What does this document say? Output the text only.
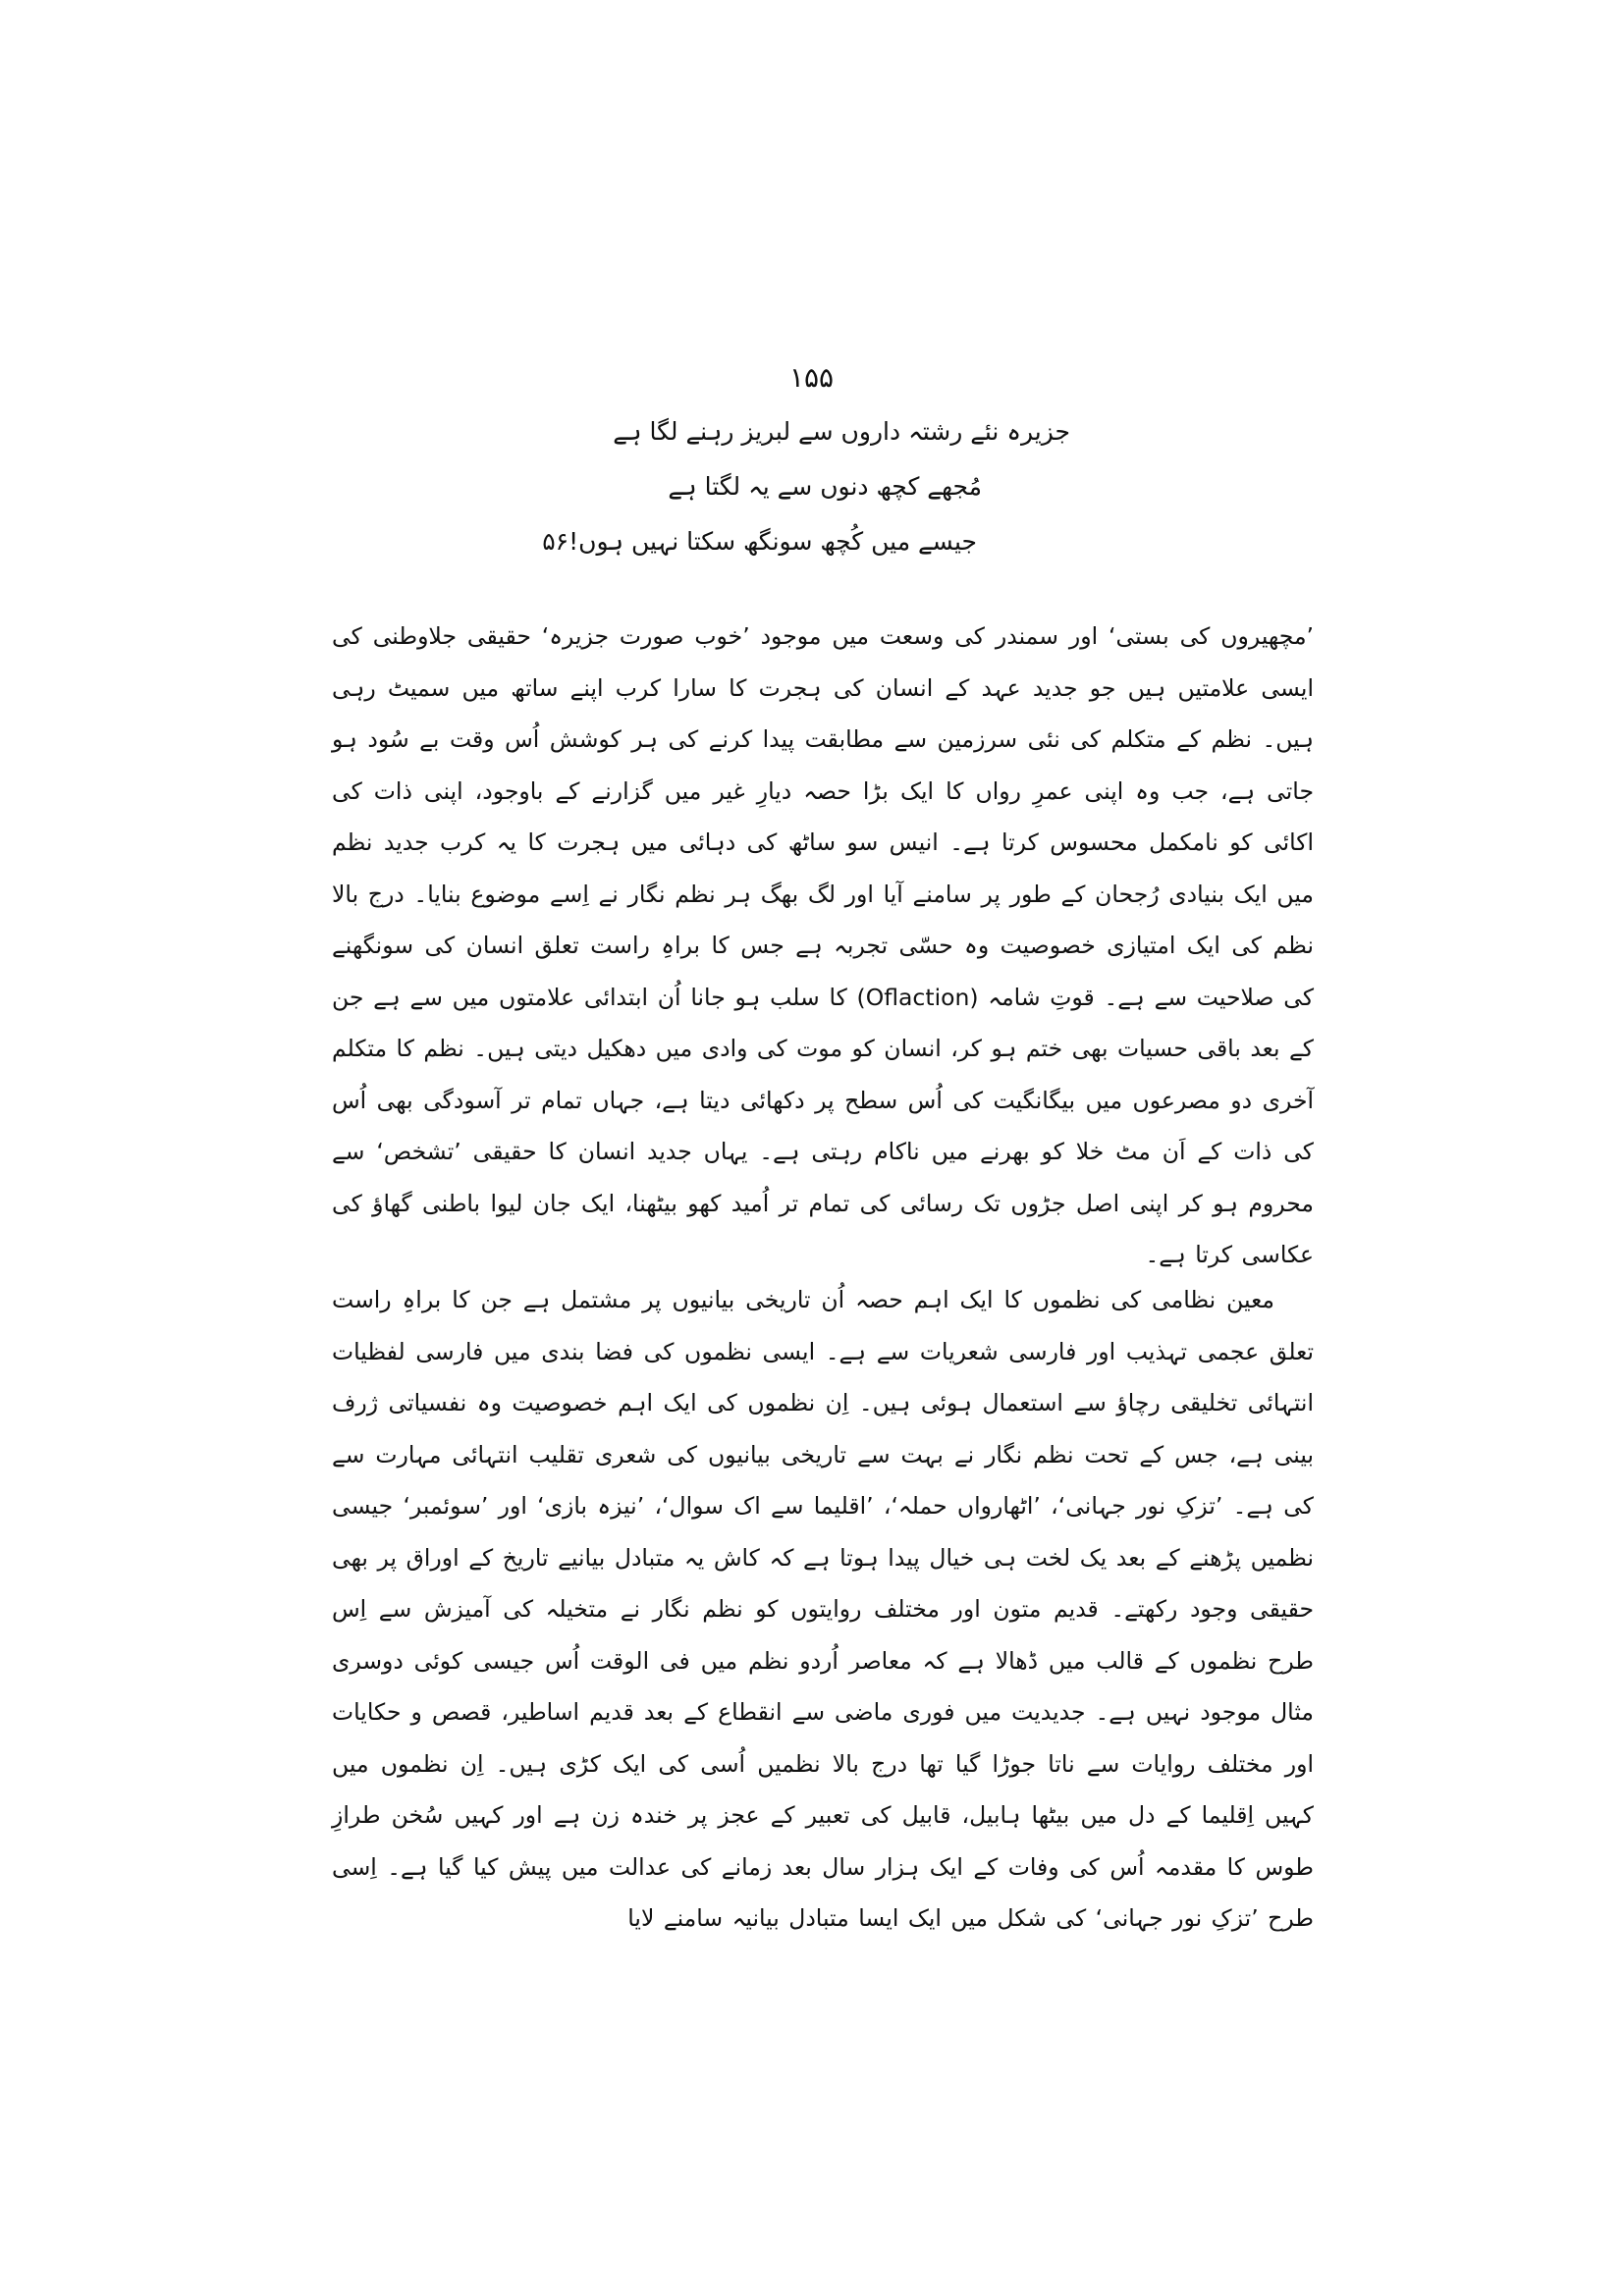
۱۵۵
جزیرہ نئے رشتہ داروں سے لبریز رہنے لگا ہے
مُجھے کچھ دنوں سے یہ لگتا ہے
جیسے میں کُچھ سونگھ سکتا نہیں ہوں!۵۶
’مچھیروں کی بستی‘ اور سمندر کی وسعت میں موجود ’خوب صورت جزیرہ‘ حقیقی جلاوطنی کی ایسی علامتیں ہیں جو جدید عہد کے انسان کی ہجرت کا سارا کرب اپنے ساتھ میں سمیٹ رہی ہیں۔ نظم کے متکلم کی نئی سرزمین سے مطابقت پیدا کرنے کی ہر کوشش اُس وقت بے سُود ہو جاتی ہے، جب وہ اپنی عمرِ رواں کا ایک بڑا حصہ دیارِ غیر میں گزارنے کے باوجود، اپنی ذات کی اکائی کو نامکمل محسوس کرتا ہے۔ انیس سو ساٹھ کی دہائی میں ہجرت کا یہ کرب جدید نظم میں ایک بنیادی رُجحان کے طور پر سامنے آیا اور لگ بھگ ہر نظم نگار نے اِسے موضوع بنایا۔ درج بالا نظم کی ایک امتیازی خصوصیت وہ حسّی تجربہ ہے جس کا براہِ راست تعلق انسان کی سونگھنے کی صلاحیت سے ہے۔ قوتِ شامہ (Oflaction) کا سلب ہو جانا اُن ابتدائی علامتوں میں سے ہے جن کے بعد باقی حسیات بھی ختم ہو کر، انسان کو موت کی وادی میں دھکیل دیتی ہیں۔ نظم کا متکلم آخری دو مصرعوں میں بیگانگیت کی اُس سطح پر دکھائی دیتا ہے، جہاں تمام تر آسودگی بھی اُس کی ذات کے اَن مٹ خلا کو بھرنے میں ناکام رہتی ہے۔ یہاں جدید انسان کا حقیقی ’تشخص‘ سے محروم ہو کر اپنی اصل جڑوں تک رسائی کی تمام تر اُمید کھو بیٹھنا، ایک جان لیوا باطنی گھاؤ کی عکاسی کرتا ہے۔
معین نظامی کی نظموں کا ایک اہم حصہ اُن تاریخی بیانیوں پر مشتمل ہے جن کا براہِ راست تعلق عجمی تہذیب اور فارسی شعریات سے ہے۔ ایسی نظموں کی فضا بندی میں فارسی لفظیات انتہائی تخلیقی رچاؤ سے استعمال ہوئی ہیں۔ اِن نظموں کی ایک اہم خصوصیت وہ نفسیاتی ژرف بینی ہے، جس کے تحت نظم نگار نے بہت سے تاریخی بیانیوں کی شعری تقلیب انتہائی مہارت سے کی ہے۔ ’تزکِ نور جہانی‘، ’اٹھارواں حملہ‘، ’اقلیما سے اک سوال‘، ’نیزہ بازی‘ اور ’سوئمبر‘ جیسی نظمیں پڑھنے کے بعد یک لخت ہی خیال پیدا ہوتا ہے کہ کاش یہ متبادل بیانیے تاریخ کے اوراق پر بھی حقیقی وجود رکھتے۔ قدیم متون اور مختلف روایتوں کو نظم نگار نے متخیلہ کی آمیزش سے اِس طرح نظموں کے قالب میں ڈھالا ہے کہ معاصر اُردو نظم میں فی الوقت اُس جیسی کوئی دوسری مثال موجود نہیں ہے۔ جدیدیت میں فوری ماضی سے انقطاع کے بعد قدیم اساطیر، قصص و حکایات اور مختلف روایات سے ناتا جوڑا گیا تھا درج بالا نظمیں اُسی کی ایک کڑی ہیں۔ اِن نظموں میں کہیں اِقلیما کے دل میں بیٹھا ہابیل، قابیل کی تعبیر کے عجز پر خندہ زن ہے اور کہیں سُخن طرازِ طوس کا مقدمہ اُس کی وفات کے ایک ہزار سال بعد زمانے کی عدالت میں پیش کیا گیا ہے۔ اِسی طرح ’تزکِ نور جہانی‘ کی شکل میں ایک ایسا متبادل بیانیہ سامنے لایا
